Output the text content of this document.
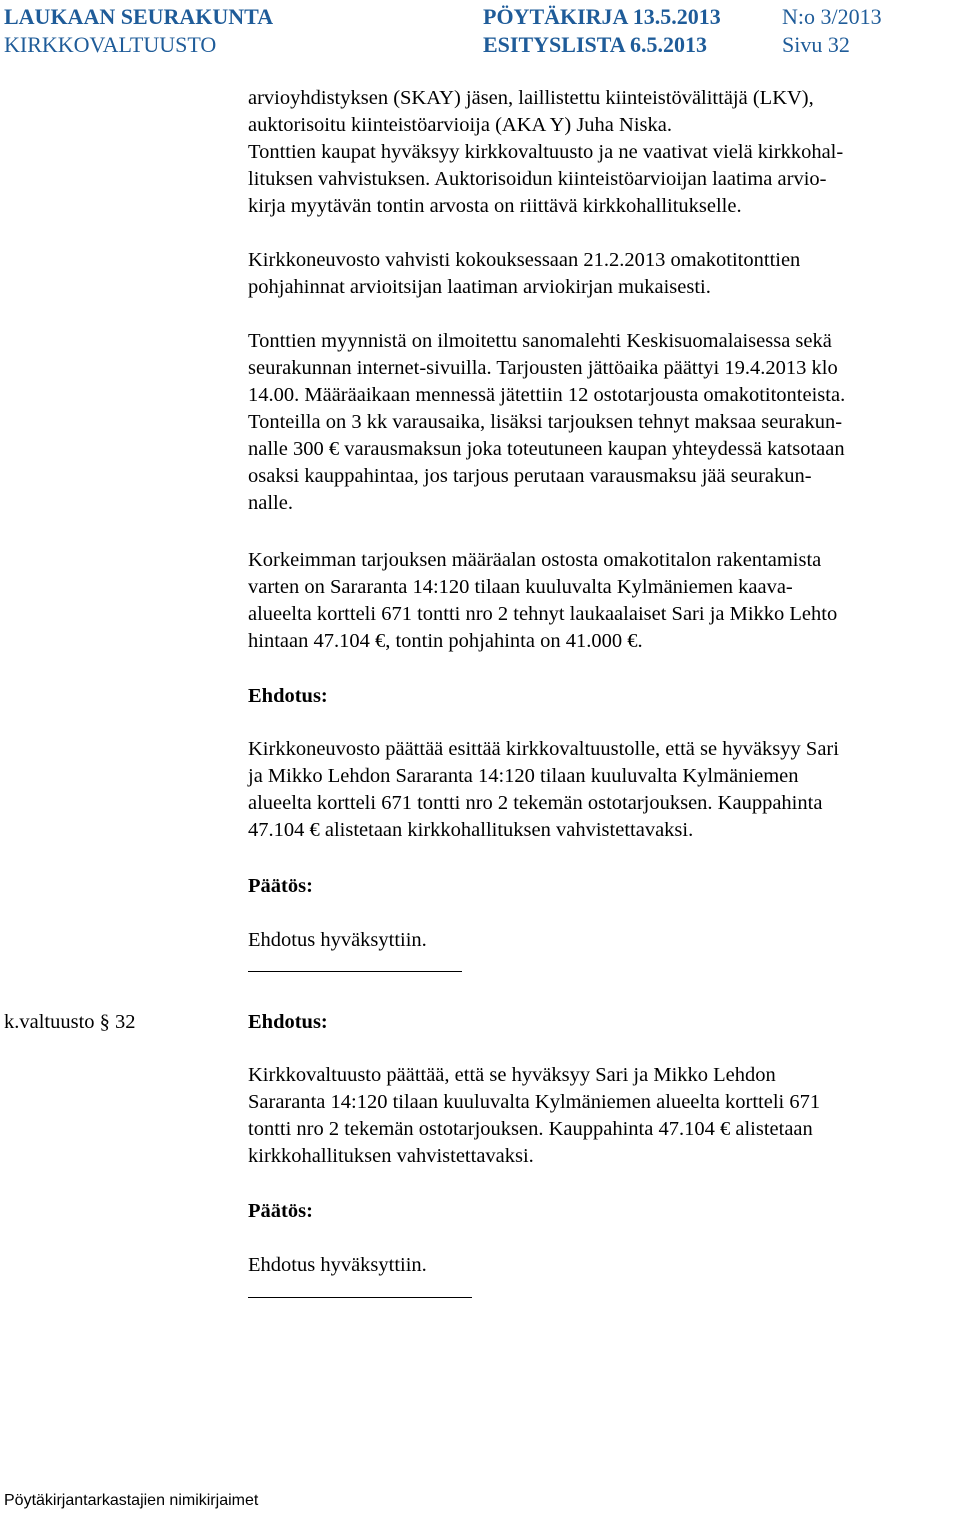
LAUKAAN SEURAKUNTA
KIRKKOVALTUUSTO
PÖYTÄKIRJA 13.5.2013
ESITYSLISTA 6.5.2013
N:o 3/2013
Sivu 32
arvioyhdistyksen (SKAY) jäsen, laillistettu kiinteistövälittäjä (LKV),
auktorisoitu kiinteistöarvioija (AKA Y) Juha Niska.
Tonttien kaupat hyväksyy kirkkovaltuusto ja ne vaativat vielä kirkkohal-
lituksen vahvistuksen. Auktorisoidun kiinteistöarvioijan laatima arvio-
kirja myytävän tontin arvosta on riittävä kirkkohallitukselle.
Kirkkoneuvosto vahvisti kokouksessaan 21.2.2013 omakotitonttien
pohjahinnat arvioitsijan laatiman arviokirjan mukaisesti.
Tonttien myynnistä on ilmoitettu sanomalehti Keskisuomalaisessa sekä
seurakunnan internet-sivuilla. Tarjousten jättöaika päättyi 19.4.2013 klo
14.00. Määräaikaan mennessä jätettiin 12 ostotarjousta omakotitonteista.
Tonteilla on 3 kk varausaika, lisäksi tarjouksen tehnyt maksaa seurakun-
nalle 300 € varausmaksun joka toteutuneen kaupan yhteydessä katsotaan
osaksi kauppahintaa, jos tarjous perutaan varausmaksu jää seurakun-
nalle.
Korkeimman tarjouksen määräalan ostosta omakotitalon rakentamista
varten on Sararanta 14:120 tilaan kuuluvalta Kylmäniemen kaava-
alueelta kortteli 671 tontti nro 2 tehnyt laukaalaiset Sari ja Mikko Lehto
hintaan 47.104 €, tontin pohjahinta on 41.000 €.
Ehdotus:
Kirkkoneuvosto päättää esittää kirkkovaltuustolle, että se hyväksyy Sari
ja Mikko Lehdon Sararanta 14:120 tilaan kuuluvalta Kylmäniemen
alueelta kortteli 671 tontti nro 2 tekemän ostotarjouksen. Kauppahinta
47.104 € alistetaan kirkkohallituksen vahvistettavaksi.
Päätös:
Ehdotus hyväksyttiin.
k.valtuusto § 32	Ehdotus:
Kirkkovaltuusto päättää, että se hyväksyy Sari ja Mikko Lehdon
Sararanta 14:120 tilaan kuuluvalta Kylmäniemen alueelta kortteli 671
tontti nro 2 tekemän ostotarjouksen. Kauppahinta 47.104 € alistetaan
kirkkohallituksen vahvistettavaksi.
Päätös:
Ehdotus hyväksyttiin.
Pöytäkirjantarkastajien nimikirjaimet
